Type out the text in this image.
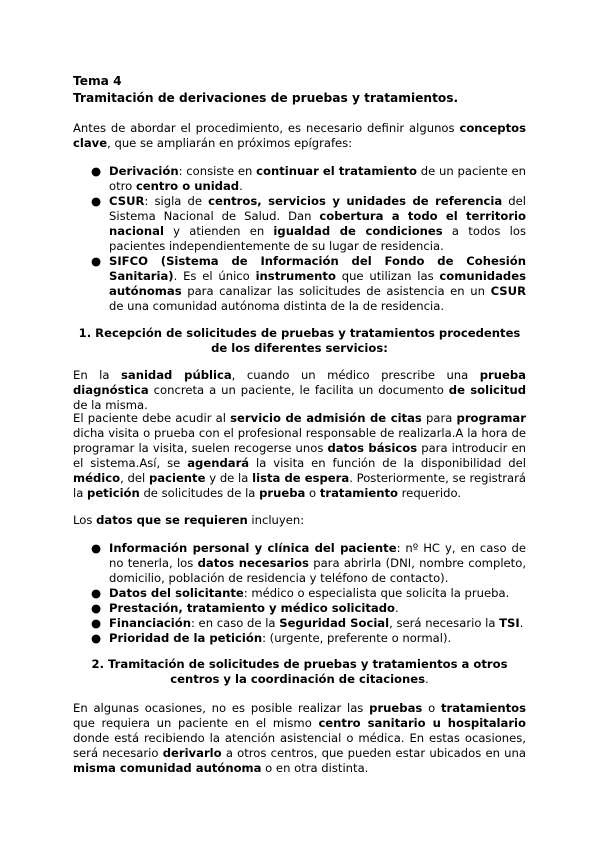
Tema 4
Tramitación de derivaciones de pruebas y tratamientos.
Antes de abordar el procedimiento, es necesario definir algunos conceptos clave, que se ampliarán en próximos epígrafes:
● Derivación: consiste en continuar el tratamiento de un paciente en otro centro o unidad.
● CSUR: sigla de centros, servicios y unidades de referencia del Sistema Nacional de Salud. Dan cobertura a todo el territorio nacional y atienden en igualdad de condiciones a todos los pacientes independientemente de su lugar de residencia.
● SIFCO (Sistema de Información del Fondo de Cohesión Sanitaria). Es el único instrumento que utilizan las comunidades autónomas para canalizar las solicitudes de asistencia en un CSUR de una comunidad autónoma distinta de la de residencia.
1. Recepción de solicitudes de pruebas y tratamientos procedentes de los diferentes servicios:
En la sanidad pública, cuando un médico prescribe una prueba diagnóstica concreta a un paciente, le facilita un documento de solicitud de la misma.
El paciente debe acudir al servicio de admisión de citas para programar dicha visita o prueba con el profesional responsable de realizarla.A la hora de programar la visita, suelen recogerse unos datos básicos para introducir en el sistema.Así, se agendará la visita en función de la disponibilidad del médico, del paciente y de la lista de espera. Posteriormente, se registrará la petición de solicitudes de la prueba o tratamiento requerido.
Los datos que se requieren incluyen:
● Información personal y clínica del paciente: nº HC y, en caso de no tenerla, los datos necesarios para abrirla (DNI, nombre completo, domicilio, población de residencia y teléfono de contacto).
● Datos del solicitante: médico o especialista que solicita la prueba.
● Prestación, tratamiento y médico solicitado.
● Financiación: en caso de la Seguridad Social, será necesario la TSI.
● Prioridad de la petición: (urgente, preferente o normal).
2. Tramitación de solicitudes de pruebas y tratamientos a otros centros y la coordinación de citaciones.
En algunas ocasiones, no es posible realizar las pruebas o tratamientos que requiera un paciente en el mismo centro sanitario u hospitalario donde está recibiendo la atención asistencial o médica. En estas ocasiones, será necesario derivarlo a otros centros, que pueden estar ubicados en una misma comunidad autónoma o en otra distinta.
